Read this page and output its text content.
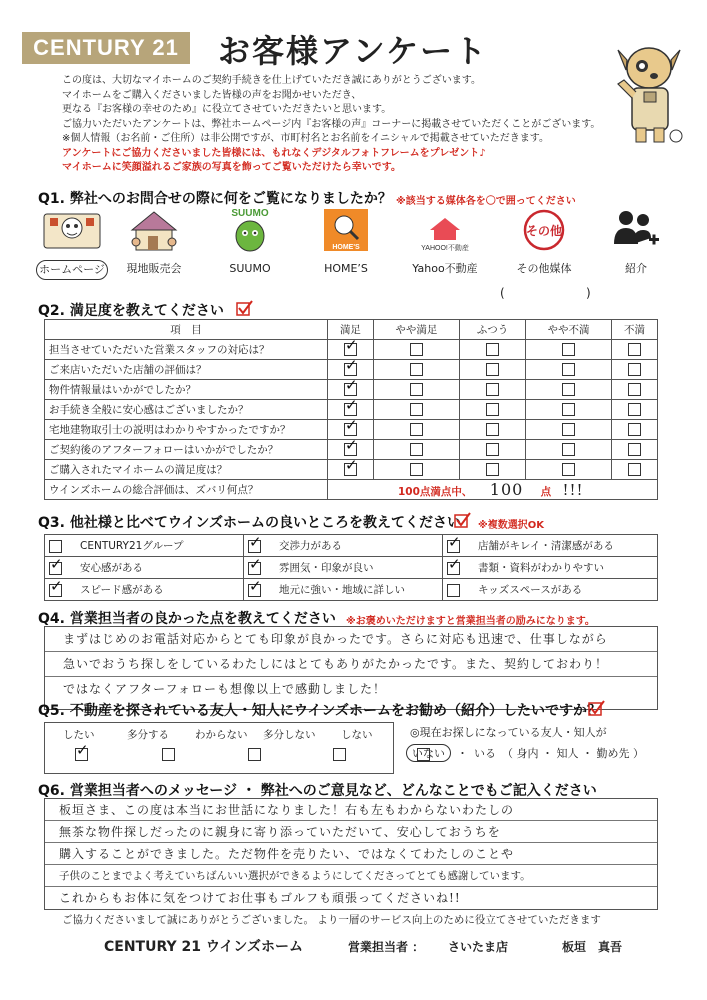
CENTURY 21	お客様アンケート
この度は、大切なマイホームのご契約手続きを仕上げていただき誠にありがとうございます。
マイホームをご購入くださいました皆様の声をお聞かせいただき、
更なる『お客様の幸せのため』に役立てさせていただきたいと思います。
ご協力いただいたアンケートは、弊社ホームページ内『お客様の声』コーナーに掲載させていただくことがございます。
※個人情報（お名前・ご住所）は非公開ですが、市町村名とお名前をイニシャルで掲載させていただきます。
アンケートにご協力くださいました皆様には、もれなくデジタルフォトフレームをプレゼント♪
マイホームに笑顔溢れるご家族の写真を飾ってご覧いただけたら幸いです。
Q1. 弊社へのお問合せの際に何をご覧になりましたか？ ※該当する媒体各を〇で囲ってください
ホームページ	現地販売会
SUUMO
SUUMO
HOME'S
HOME’S
YAHOO!不動産
Yahoo不動産
その他
その他媒体	紹介
(	)
Q2. 満足度を教えてください
項　目	満足	やや満足	ふつう	やや不満	不満
担当させていただいた営業スタッフの対応は？	✓				
ご来店いただいた店舗の評価は？	✓				
物件情報量はいかがでしたか？	✓				
お手続き全般に安心感はございましたか？	✓				
宅地建物取引士の説明はわかりやすかったですか？	✓				
ご契約後のアフターフォローはいかがでしたか？	✓				
ご購入されたマイホームの満足度は？	✓				
ウインズホームの総合評価は、ズバリ何点？	100点満点中、 100 点 !!!				
Q3. 他社様と比べてウインズホームの良いところを教えてください ※複数選択OK
CENTURY21グループ	✓交渉力がある	✓店舗がキレイ・清潔感がある
✓安心感がある	✓雰囲気・印象が良い	✓書類・資料がわかりやすい
✓スピード感がある	✓地元に強い・地域に詳しい	キッズスペースがある
Q4. 営業担当者の良かった点を教えてください ※お褒めいただけますと営業担当者の励みになります。
まずはじめのお電話対応からとても印象が良かったです。さらに対応も迅速で、仕事しながら
急いでおうち探しをしているわたしにはとてもありがたかったです。また、契約しておわり！
ではなくアフターフォローも想像以上で感動しました！
Q5. 不動産を探されている友人・知人にウインズホームをお勧め（紹介）したいですか？
したい	多分する わからない 多分しない しない
✓	◎現在お探しになっている友人・知人が
いない	・ いる （ 身内 ・ 知人 ・ 勤め先 ）
Q6. 営業担当者へのメッセージ ・ 弊社へのご意見など、どんなことでもご記入ください
板垣さま、この度は本当にお世話になりました！右も左もわからないわたしの
無茶な物件探しだったのに親身に寄り添っていただいて、安心しておうちを
購入することができました。ただ物件を売りたい、ではなくてわたしのことや
子供のことまでよく考えていちばんいい選択ができるようにしてくださってとても感謝しています。
これからもお体に気をつけてお仕事もゴルフも頑張ってくださいね!!
ご協力くださいまして誠にありがとうございました。 より一層のサービス向上のために役立てさせていただきます
CENTURY 21 ウインズホーム	営業担当者 ： さいたま店	板垣　真吾
